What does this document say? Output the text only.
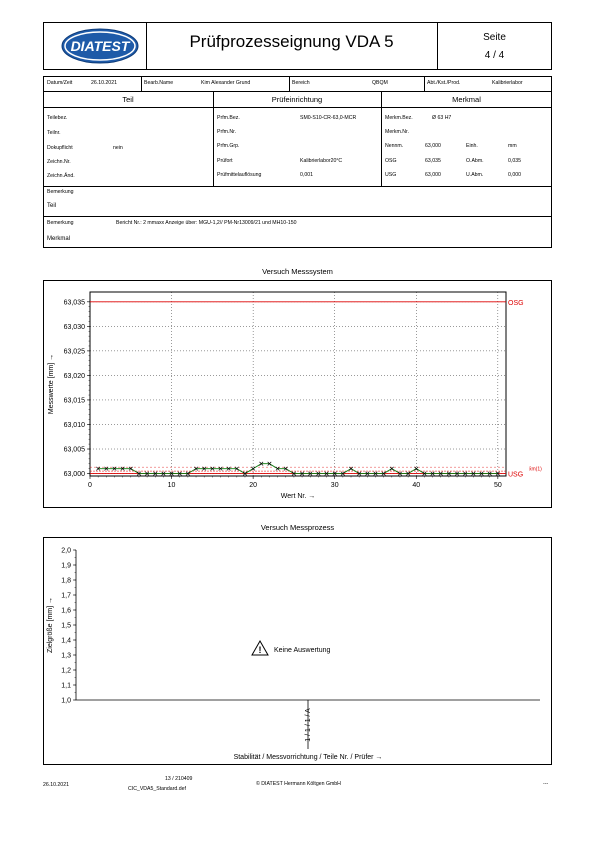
DIATEST	Prüfprozesseignung VDA 5	Seite
4 / 4
Datum/Zeit	26.10.2021	Bearb.Name	Kim Alexander Grund	Bereich	QBQM	Abt./Kst./Prod.	Kalibrierlabor
Teil	Prüfeinrichtung	Merkmal
Teilebez.
Teilnr.
Dokupflicht	nein
Zeichn.Nr.
Zeichn.Änd.
Prfm.Bez.	SM0-S10-CR-63,0-MCR
Prfm.Nr.
Prfm.Grp.
Prüfort	Kalibrierlabor20°C
Prüfmittelauflösung	0,001
Merkm.Bez.	Ø 63 H7
Merkm.Nr.
Nennm.	63,000	Einh.	mm
OSG	63,035	O.Abm.	0,035
USG	63,000	U.Abm.	0,000
Bemerkung
Teil
Bemerkung	Bericht Nr.: 2 mmaxx Anzeige über: MGU-1,2// PM-Nr13009/21 und MH10-150
Merkmal
Versuch Messsystem
63,000
63,005
63,010
63,015
63,020
63,025
63,030
63,035
0	10	20	30	40	50
OSG
USG
x̄m(1)
Wert Nr. →
Messwerte [mm] →
Versuch Messprozess
1,0
1,1
1,2
1,3
1,4
1,5
1,6
1,7
1,8
1,9
2,0
1 / 1 / 1 / A
! Keine Auswertung
Stabilität / Messvorrichtung / Teile Nr. / Prüfer →
Zielgröße [mm] →
26.10.2021
13 / 210409
CIC_VDA5_Standard.def
© DIATEST Hermann Költgen GmbH	---
